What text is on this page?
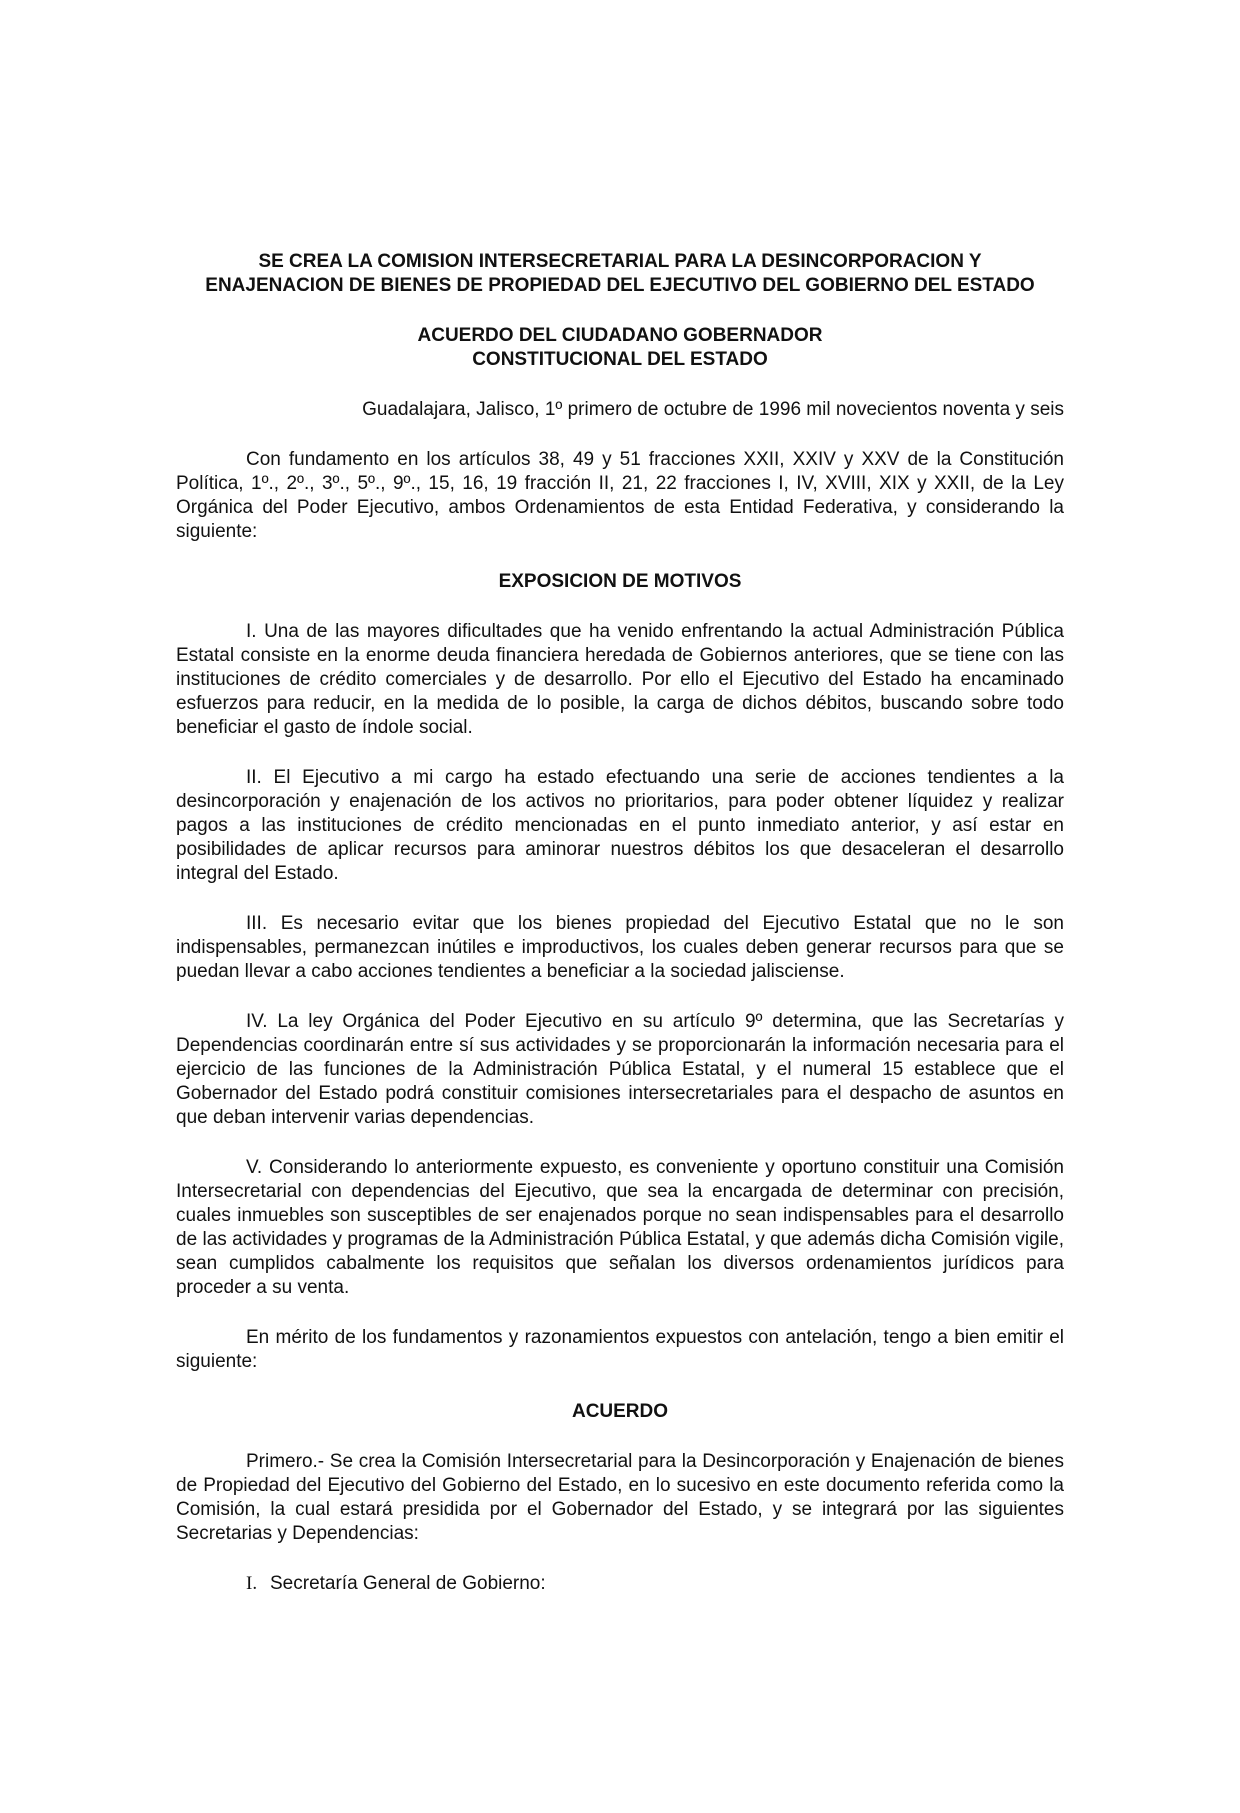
SE CREA LA COMISION INTERSECRETARIAL PARA LA DESINCORPORACION Y

ENAJENACION DE BIENES DE PROPIEDAD DEL EJECUTIVO DEL GOBIERNO DEL ESTADO

ACUERDO DEL CIUDADANO GOBERNADOR

CONSTITUCIONAL DEL ESTADO

Guadalajara, Jalisco, 1º primero de octubre de 1996 mil novecientos noventa y seis

Con fundamento en los artículos 38, 49 y 51 fracciones XXII, XXIV y XXV de la Constitución Política, 1º., 2º., 3º., 5º., 9º., 15, 16, 19 fracción II, 21, 22 fracciones I, IV, XVIII, XIX y XXII, de la Ley Orgánica del Poder Ejecutivo, ambos Ordenamientos de esta Entidad Federativa, y considerando la siguiente:

EXPOSICION DE MOTIVOS

I. Una de las mayores dificultades que ha venido enfrentando la actual Administración Pública Estatal consiste en la enorme deuda financiera heredada de Gobiernos anteriores, que se tiene con las instituciones de crédito comerciales y de desarrollo. Por ello el Ejecutivo del Estado ha encaminado esfuerzos para reducir, en la medida de lo posible, la carga de dichos débitos, buscando sobre todo beneficiar el gasto de índole social.

II. El Ejecutivo a mi cargo ha estado efectuando una serie de acciones tendientes a la desincorporación y enajenación de los activos no prioritarios, para poder obtener líquidez y realizar pagos a las instituciones de crédito mencionadas en el punto inmediato anterior, y así estar en posibilidades de aplicar recursos para aminorar nuestros débitos los que desaceleran el desarrollo integral del Estado.

III. Es necesario evitar que los bienes propiedad del Ejecutivo Estatal que no le son indispensables, permanezcan inútiles e improductivos, los cuales deben generar recursos para que se puedan llevar a cabo acciones tendientes a beneficiar a la sociedad jalisciense.

IV. La ley Orgánica del Poder Ejecutivo en su artículo 9º determina, que las Secretarías y Dependencias coordinarán entre sí sus actividades y se proporcionarán la información necesaria para el ejercicio de las funciones de la Administración Pública Estatal, y el numeral 15 establece que el Gobernador del Estado podrá constituir comisiones intersecretariales para el despacho de asuntos en que deban intervenir varias dependencias.

V. Considerando lo anteriormente expuesto, es conveniente y oportuno constituir una Comisión Intersecretarial con dependencias del Ejecutivo, que sea la encargada de determinar con precisión, cuales inmuebles son susceptibles de ser enajenados porque no sean indispensables para el desarrollo de las actividades y programas de la Administración Pública Estatal, y que además dicha Comisión vigile, sean cumplidos cabalmente los requisitos que señalan los diversos ordenamientos jurídicos para proceder a su venta.

En mérito de los fundamentos y razonamientos expuestos con antelación, tengo a bien emitir el siguiente:

ACUERDO

Primero.- Se crea la Comisión Intersecretarial para la Desincorporación y Enajenación de bienes de Propiedad del Ejecutivo del Gobierno del Estado, en lo sucesivo en este documento referida como la Comisión, la cual estará presidida por el Gobernador del Estado, y se integrará por las siguientes Secretarias y Dependencias:

I. Secretaría General de Gobierno:
